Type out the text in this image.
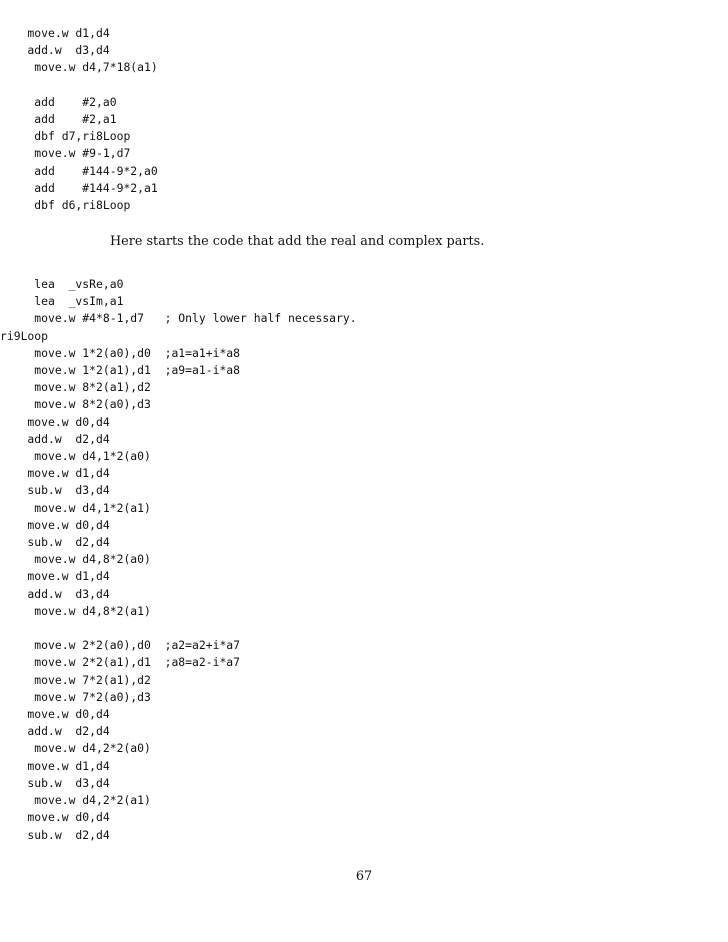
move.w d1,d4
add.w  d3,d4
move.w d4,7*18(a1)

add    #2,a0
add    #2,a1
dbf d7,ri8Loop
move.w #9-1,d7
add    #144-9*2,a0
add    #144-9*2,a1
dbf d6,ri8Loop

Here starts the code that add the real and complex parts.

lea  _vsRe,a0
lea  _vsIm,a1
move.w #4*8-1,d7   ; Only lower half necessary.
ri9Loop
move.w 1*2(a0),d0  ;a1=a1+i*a8
move.w 1*2(a1),d1  ;a9=a1-i*a8
move.w 8*2(a1),d2
move.w 8*2(a0),d3
move.w d0,d4
add.w  d2,d4
move.w d4,1*2(a0)
move.w d1,d4
sub.w  d3,d4
move.w d4,1*2(a1)
move.w d0,d4
sub.w  d2,d4
move.w d4,8*2(a0)
move.w d1,d4
add.w  d3,d4
move.w d4,8*2(a1)

move.w 2*2(a0),d0  ;a2=a2+i*a7
move.w 2*2(a1),d1  ;a8=a2-i*a7
move.w 7*2(a1),d2
move.w 7*2(a0),d3
move.w d0,d4
add.w  d2,d4
move.w d4,2*2(a0)
move.w d1,d4
sub.w  d3,d4
move.w d4,2*2(a1)
move.w d0,d4
sub.w  d2,d4

67
